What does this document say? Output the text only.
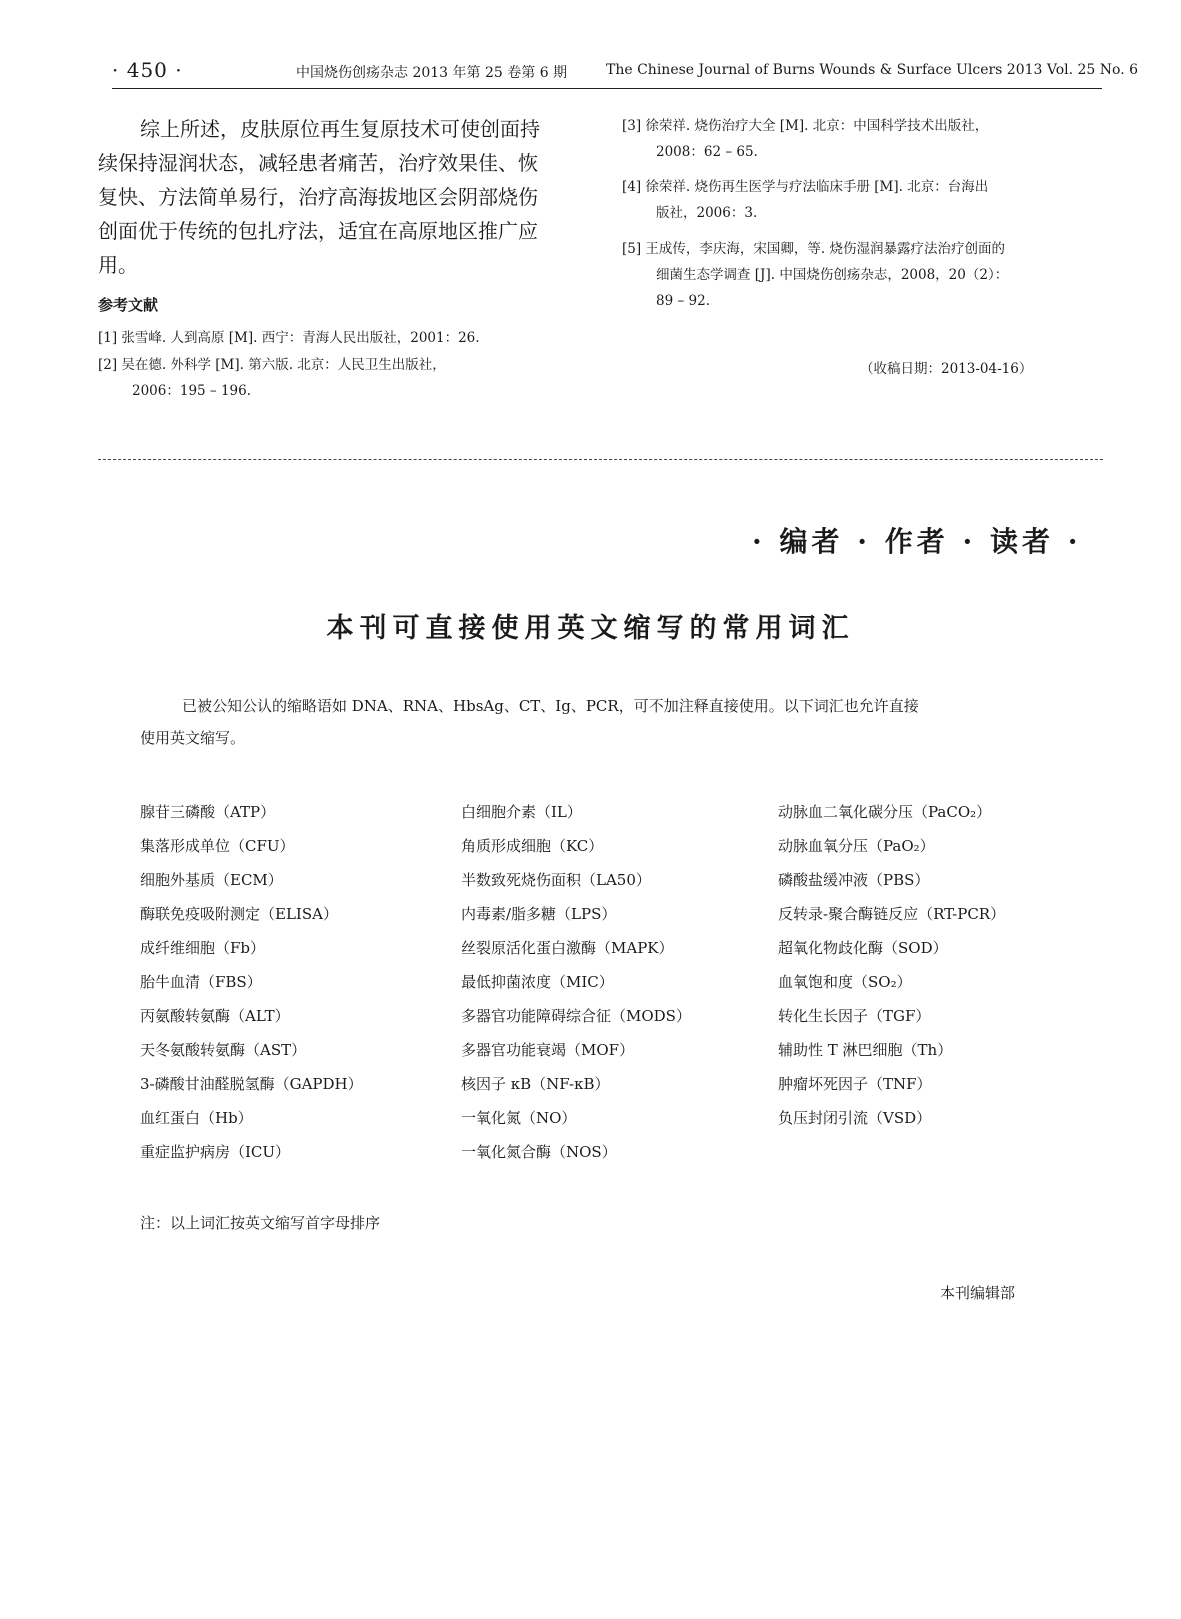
· 450 ·	中国烧伤创疡杂志 2013 年第 25 卷第 6 期	The Chinese Journal of Burns Wounds & Surface Ulcers 2013 Vol. 25 No. 6
综上所述，皮肤原位再生复原技术可使创面持
续保持湿润状态，减轻患者痛苦，治疗效果佳、恢
复快、方法简单易行，治疗高海拔地区会阴部烧伤
创面优于传统的包扎疗法，适宜在高原地区推广应
用。
参考文献
[1] 张雪峰. 人到高原 [M]. 西宁：青海人民出版社，2001：26.
[2] 吴在德. 外科学 [M]. 第六版. 北京：人民卫生出版社，
2006：195 – 196.
[3] 徐荣祥. 烧伤治疗大全 [M]. 北京：中国科学技术出版社，
2008：62 – 65.
[4] 徐荣祥. 烧伤再生医学与疗法临床手册 [M]. 北京：台海出
版社，2006：3.
[5] 王成传，李庆海，宋国卿，等. 烧伤湿润暴露疗法治疗创面的
细菌生态学调查 [J]. 中国烧伤创疡杂志，2008，20（2）：
89 – 92.
（收稿日期：2013-04-16）
· 编者 · 作者 · 读者 ·
本刊可直接使用英文缩写的常用词汇
已被公知公认的缩略语如 DNA、RNA、HbsAg、CT、Ig、PCR，可不加注释直接使用。以下词汇也允许直接
使用英文缩写。
腺苷三磷酸（ATP）
集落形成单位（CFU）
细胞外基质（ECM）
酶联免疫吸附测定（ELISA）
成纤维细胞（Fb）
胎牛血清（FBS）
丙氨酸转氨酶（ALT）
天冬氨酸转氨酶（AST）
3-磷酸甘油醛脱氢酶（GAPDH）
血红蛋白（Hb）
重症监护病房（ICU）
白细胞介素（IL）
角质形成细胞（KC）
半数致死烧伤面积（LA50）
内毒素/脂多糖（LPS）
丝裂原活化蛋白激酶（MAPK）
最低抑菌浓度（MIC）
多器官功能障碍综合征（MODS）
多器官功能衰竭（MOF）
核因子 κB（NF-κB）
一氧化氮（NO）
一氧化氮合酶（NOS）
动脉血二氧化碳分压（PaCO₂）
动脉血氧分压（PaO₂）
磷酸盐缓冲液（PBS）
反转录-聚合酶链反应（RT-PCR）
超氧化物歧化酶（SOD）
血氧饱和度（SO₂）
转化生长因子（TGF）
辅助性 T 淋巴细胞（Th）
肿瘤坏死因子（TNF）
负压封闭引流（VSD）
注：以上词汇按英文缩写首字母排序
本刊编辑部
